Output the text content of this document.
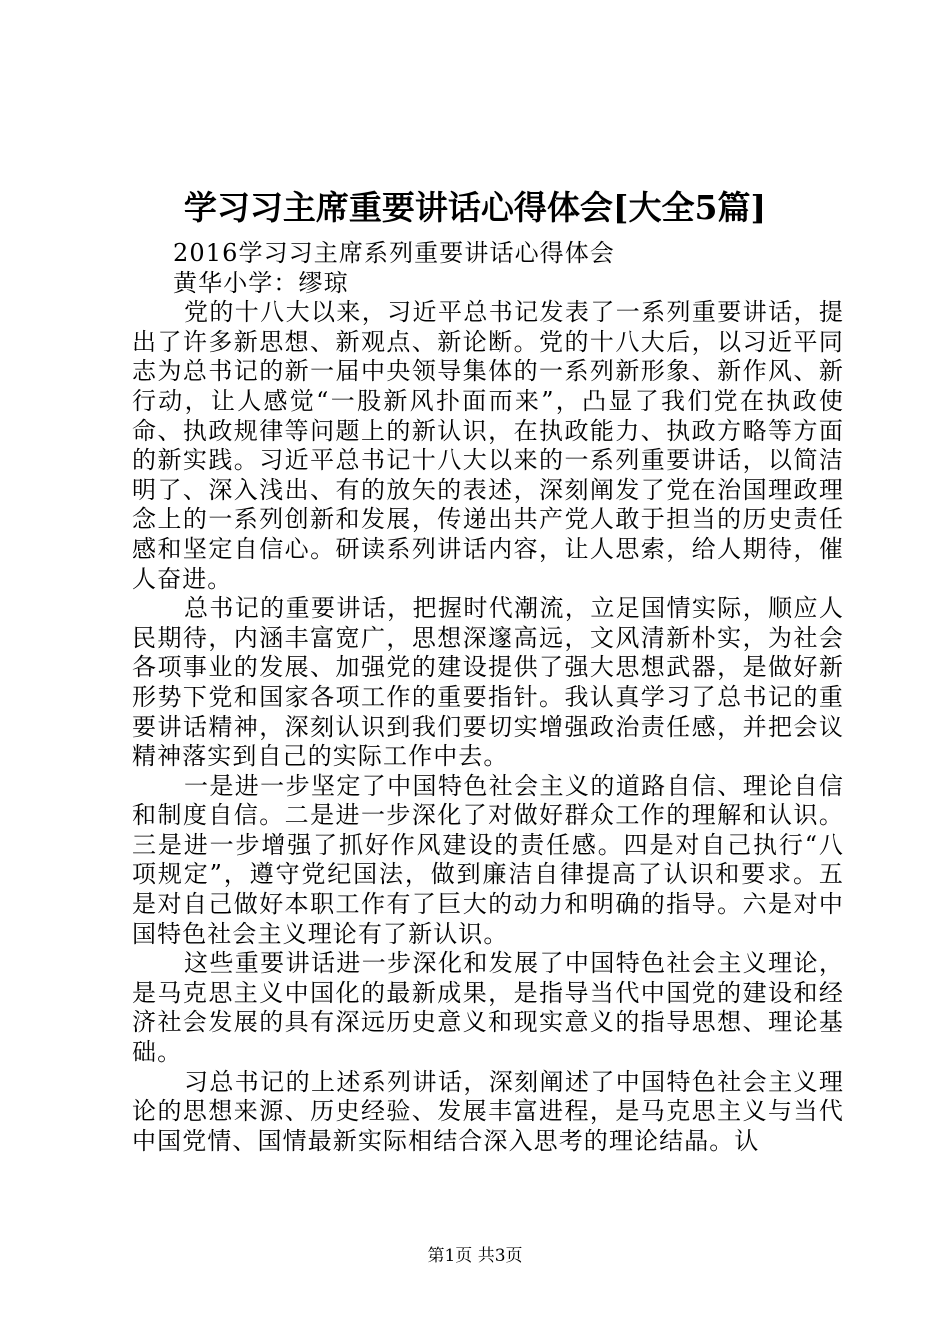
学习习主席重要讲话心得体会[大全5篇]

2016学习习主席系列重要讲话心得体会

黄华小学：缪琼

党的十八大以来，习近平总书记发表了一系列重要讲话，提出了许多新思想、新观点、新论断。党的十八大后，以习近平同志为总书记的新一届中央领导集体的一系列新形象、新作风、新行动，让人感觉“一股新风扑面而来”，凸显了我们党在执政使命、执政规律等问题上的新认识，在执政能力、执政方略等方面的新实践。习近平总书记十八大以来的一系列重要讲话，以简洁明了、深入浅出、有的放矢的表述，深刻阐发了党在治国理政理念上的一系列创新和发展，传递出共产党人敢于担当的历史责任感和坚定自信心。研读系列讲话内容，让人思索，给人期待，催人奋进。

总书记的重要讲话，把握时代潮流，立足国情实际，顺应人民期待，内涵丰富宽广，思想深邃高远，文风清新朴实，为社会各项事业的发展、加强党的建设提供了强大思想武器，是做好新形势下党和国家各项工作的重要指针。我认真学习了总书记的重要讲话精神，深刻认识到我们要切实增强政治责任感，并把会议精神落实到自己的实际工作中去。

一是进一步坚定了中国特色社会主义的道路自信、理论自信和制度自信。二是进一步深化了对做好群众工作的理解和认识。三是进一步增强了抓好作风建设的责任感。四是对自己执行“八项规定”，遵守党纪国法，做到廉洁自律提高了认识和要求。五是对自己做好本职工作有了巨大的动力和明确的指导。六是对中国特色社会主义理论有了新认识。

这些重要讲话进一步深化和发展了中国特色社会主义理论，是马克思主义中国化的最新成果，是指导当代中国党的建设和经济社会发展的具有深远历史意义和现实意义的指导思想、理论基础。

习总书记的上述系列讲话，深刻阐述了中国特色社会主义理论的思想来源、历史经验、发展丰富进程，是马克思主义与当代中国党情、国情最新实际相结合深入思考的理论结晶。认

第1页 共3页
